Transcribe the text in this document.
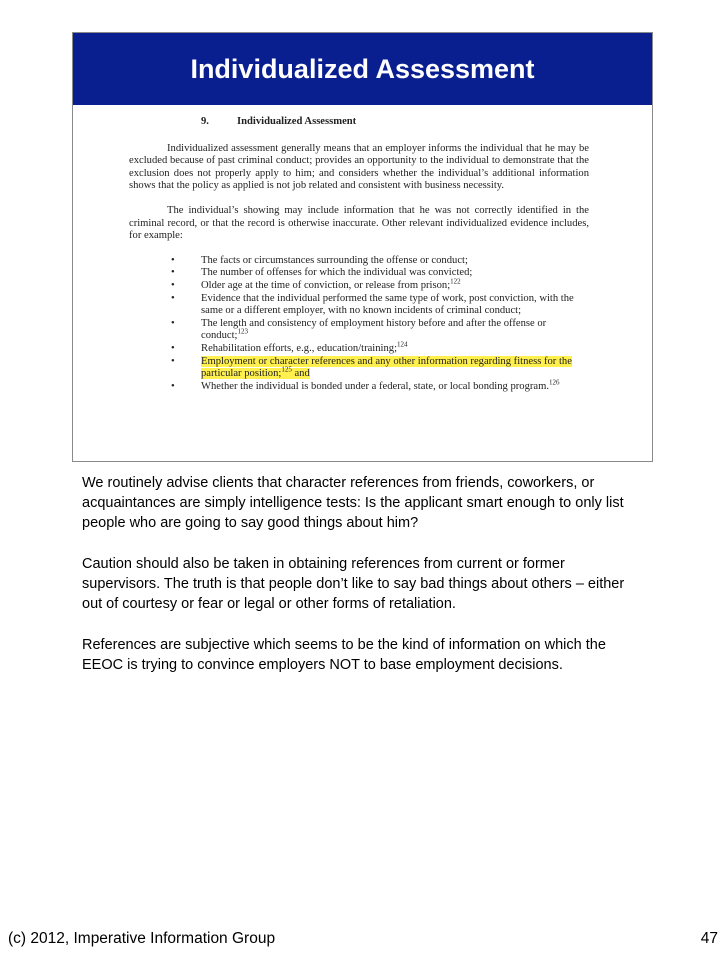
Individualized Assessment
9.	Individualized Assessment
Individualized assessment generally means that an employer informs the individual that he may be excluded because of past criminal conduct; provides an opportunity to the individual to demonstrate that the exclusion does not properly apply to him; and considers whether the individual’s additional information shows that the policy as applied is not job related and consistent with business necessity.
The individual’s showing may include information that he was not correctly identified in the criminal record, or that the record is otherwise inaccurate. Other relevant individualized evidence includes, for example:
• The facts or circumstances surrounding the offense or conduct;
• The number of offenses for which the individual was convicted;
• Older age at the time of conviction, or release from prison;$^{122}$
• Evidence that the individual performed the same type of work, post conviction, with the same or a different employer, with no known incidents of criminal conduct;
• The length and consistency of employment history before and after the offense or conduct;$^{123}$
• Rehabilitation efforts, e.g., education/training;$^{124}$
• Employment or character references and any other information regarding fitness for the particular position;$^{125}$ and
• Whether the individual is bonded under a federal, state, or local bonding program.$^{126}$

We routinely advise clients that character references from friends, coworkers, or acquaintances are simply intelligence tests: Is the applicant smart enough to only list people who are going to say good things about him?

Caution should also be taken in obtaining references from current or former supervisors. The truth is that people don’t like to say bad things about others – either out of courtesy or fear or legal or other forms of retaliation.

References are subjective which seems to be the kind of information on which the EEOC is trying to convince employers NOT to base employment decisions.

(c) 2012, Imperative Information Group	47
